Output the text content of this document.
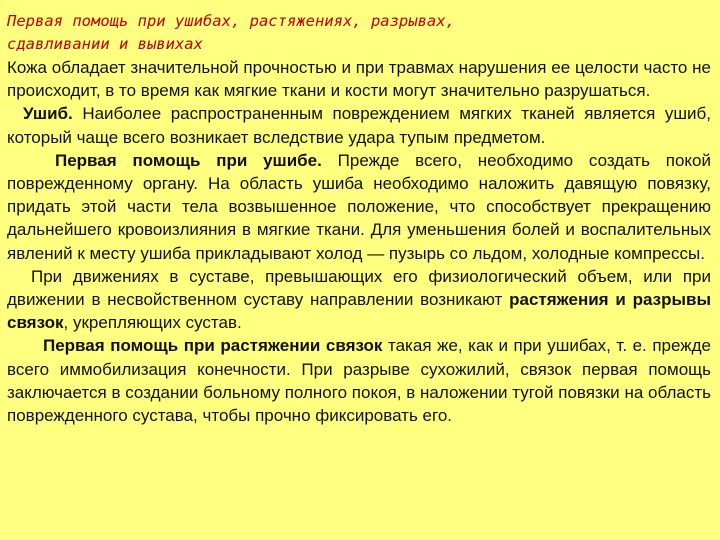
Первая помощь при ушибах, растяжениях, разрывах,
сдавливании и вывихах

Кожа обладает значительной прочностью и при травмах нарушения ее целости часто не происходит, в то время как мягкие ткани и кости могут значительно разрушаться.

Ушиб. Наиболее распространенным повреждением мягких тканей является ушиб, который чаще всего возникает вследствие удара тупым предметом.

Первая помощь при ушибе. Прежде всего, необходимо создать покой поврежденному органу. На область ушиба необходимо наложить давящую повязку, придать этой части тела возвышенное положение, что способствует прекращению дальнейшего кровоизлияния в мягкие ткани. Для уменьшения болей и воспалительных явлений к месту ушиба прикладывают холод — пузырь со льдом, холодные компрессы.

При движениях в суставе, превышающих его физиологический объем, или при движении в несвойственном суставу направлении возникают растяжения и разрывы связок, укрепляющих сустав.

Первая помощь при растяжении связок такая же, как и при ушибах, т. е. прежде всего иммобилизация конечности. При разрыве сухожилий, связок первая помощь заключается в создании больному полного покоя, в наложении тугой повязки на область поврежденного сустава, чтобы прочно фиксировать его.
